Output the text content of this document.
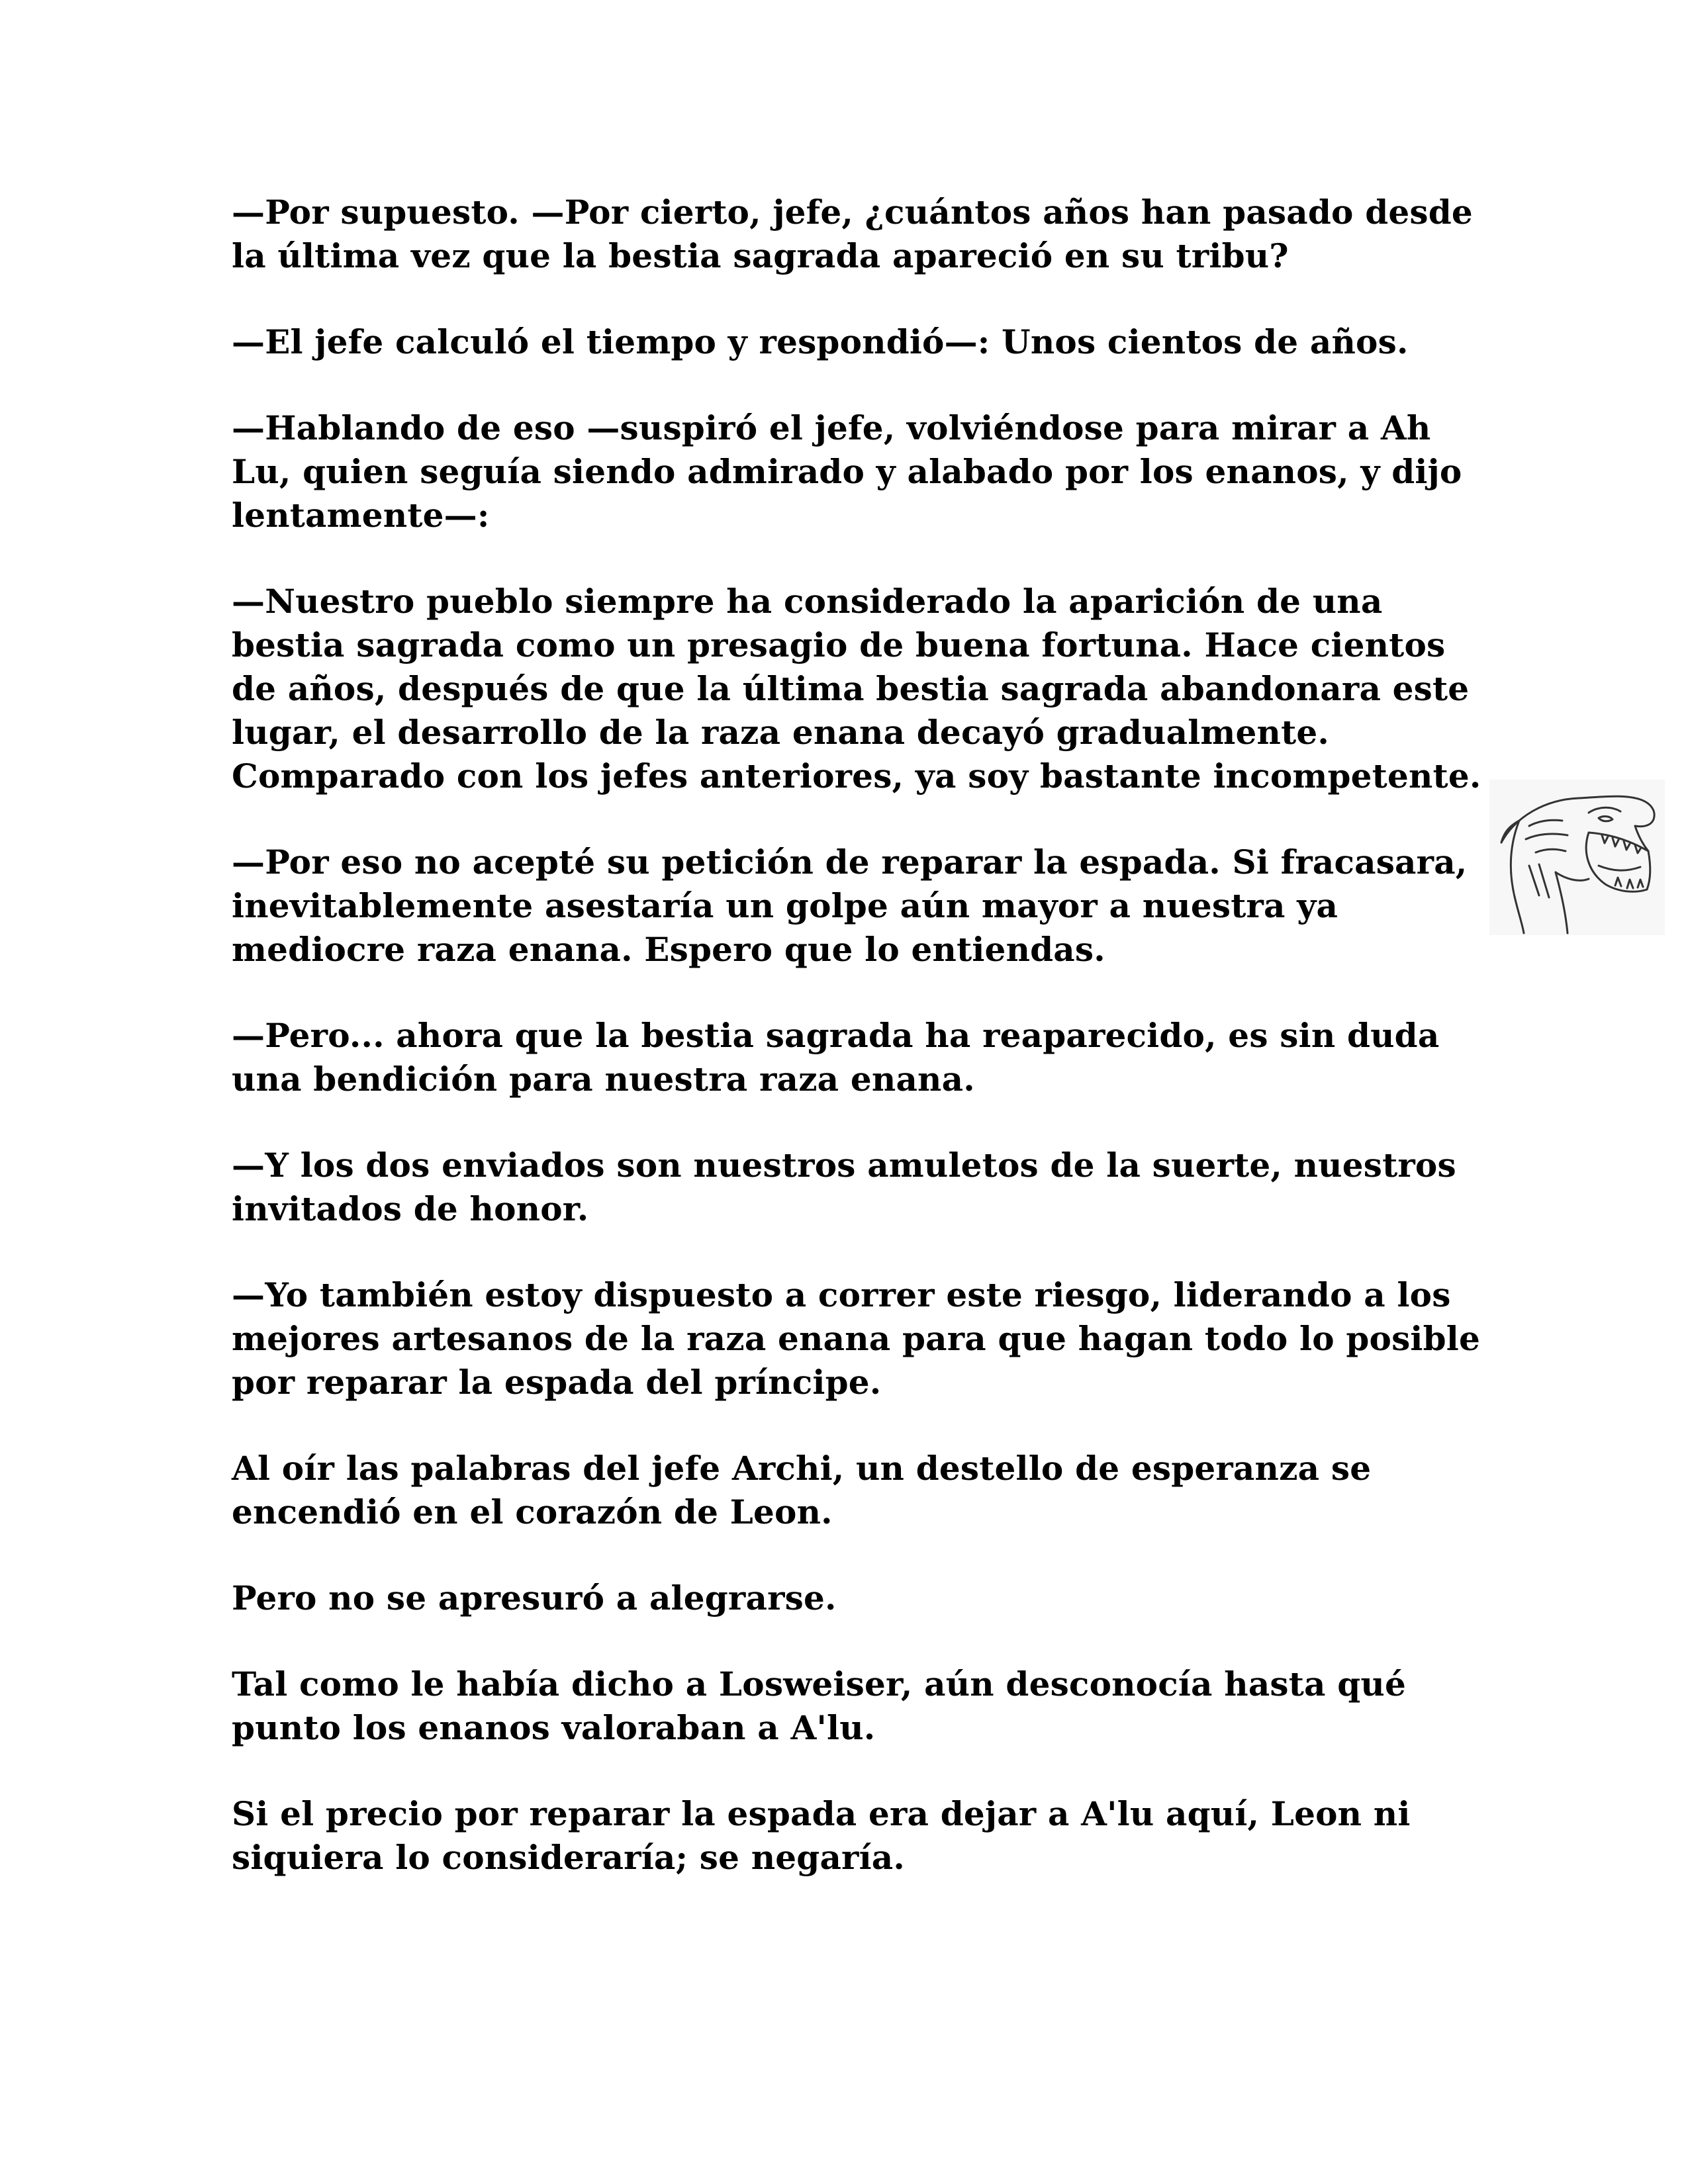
—Por supuesto. —Por cierto, jefe, ¿cuántos años han pasado desde la última vez que la bestia sagrada apareció en su tribu?

—El jefe calculó el tiempo y respondió—: Unos cientos de años.

—Hablando de eso —suspiró el jefe, volviéndose para mirar a Ah Lu, quien seguía siendo admirado y alabado por los enanos, y dijo lentamente—:

—Nuestro pueblo siempre ha considerado la aparición de una bestia sagrada como un presagio de buena fortuna. Hace cientos de años, después de que la última bestia sagrada abandonara este lugar, el desarrollo de la raza enana decayó gradualmente. Comparado con los jefes anteriores, ya soy bastante incompetente.

—Por eso no acepté su petición de reparar la espada. Si fracasara, inevitablemente asestaría un golpe aún mayor a nuestra ya mediocre raza enana. Espero que lo entiendas.

—Pero... ahora que la bestia sagrada ha reaparecido, es sin duda una bendición para nuestra raza enana.

—Y los dos enviados son nuestros amuletos de la suerte, nuestros invitados de honor.

—Yo también estoy dispuesto a correr este riesgo, liderando a los mejores artesanos de la raza enana para que hagan todo lo posible por reparar la espada del príncipe.

Al oír las palabras del jefe Archi, un destello de esperanza se encendió en el corazón de Leon.

Pero no se apresuró a alegrarse.

Tal como le había dicho a Losweiser, aún desconocía hasta qué punto los enanos valoraban a A'lu.

Si el precio por reparar la espada era dejar a A'lu aquí, Leon ni siquiera lo consideraría; se negaría.
